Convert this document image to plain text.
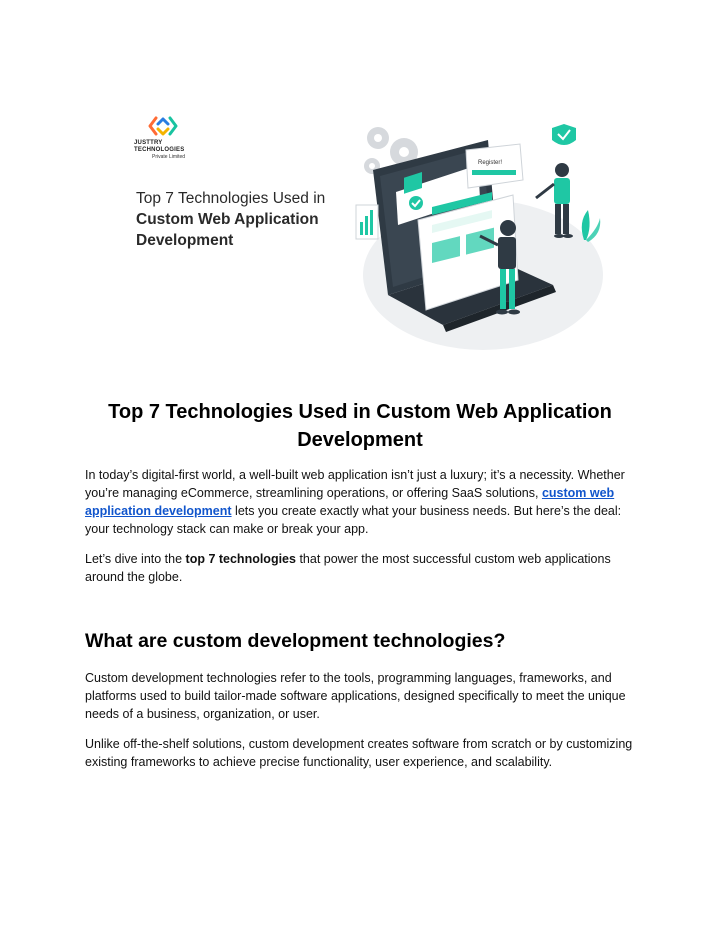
JUSTTRY TECHNOLOGIES
Private Limited
Top 7 Technologies Used in
Custom Web Application
Development
Register!
Top 7 Technologies Used in Custom Web Application Development

In today’s digital-first world, a well-built web application isn’t just a luxury; it’s a necessity. Whether you’re managing eCommerce, streamlining operations, or offering SaaS solutions, custom web application development lets you create exactly what your business needs. But here’s the deal: your technology stack can make or break your app.

Let’s dive into the top 7 technologies that power the most successful custom web applications around the globe.

What are custom development technologies?

Custom development technologies refer to the tools, programming languages, frameworks, and platforms used to build tailor-made software applications, designed specifically to meet the unique needs of a business, organization, or user.

Unlike off-the-shelf solutions, custom development creates software from scratch or by customizing existing frameworks to achieve precise functionality, user experience, and scalability.
